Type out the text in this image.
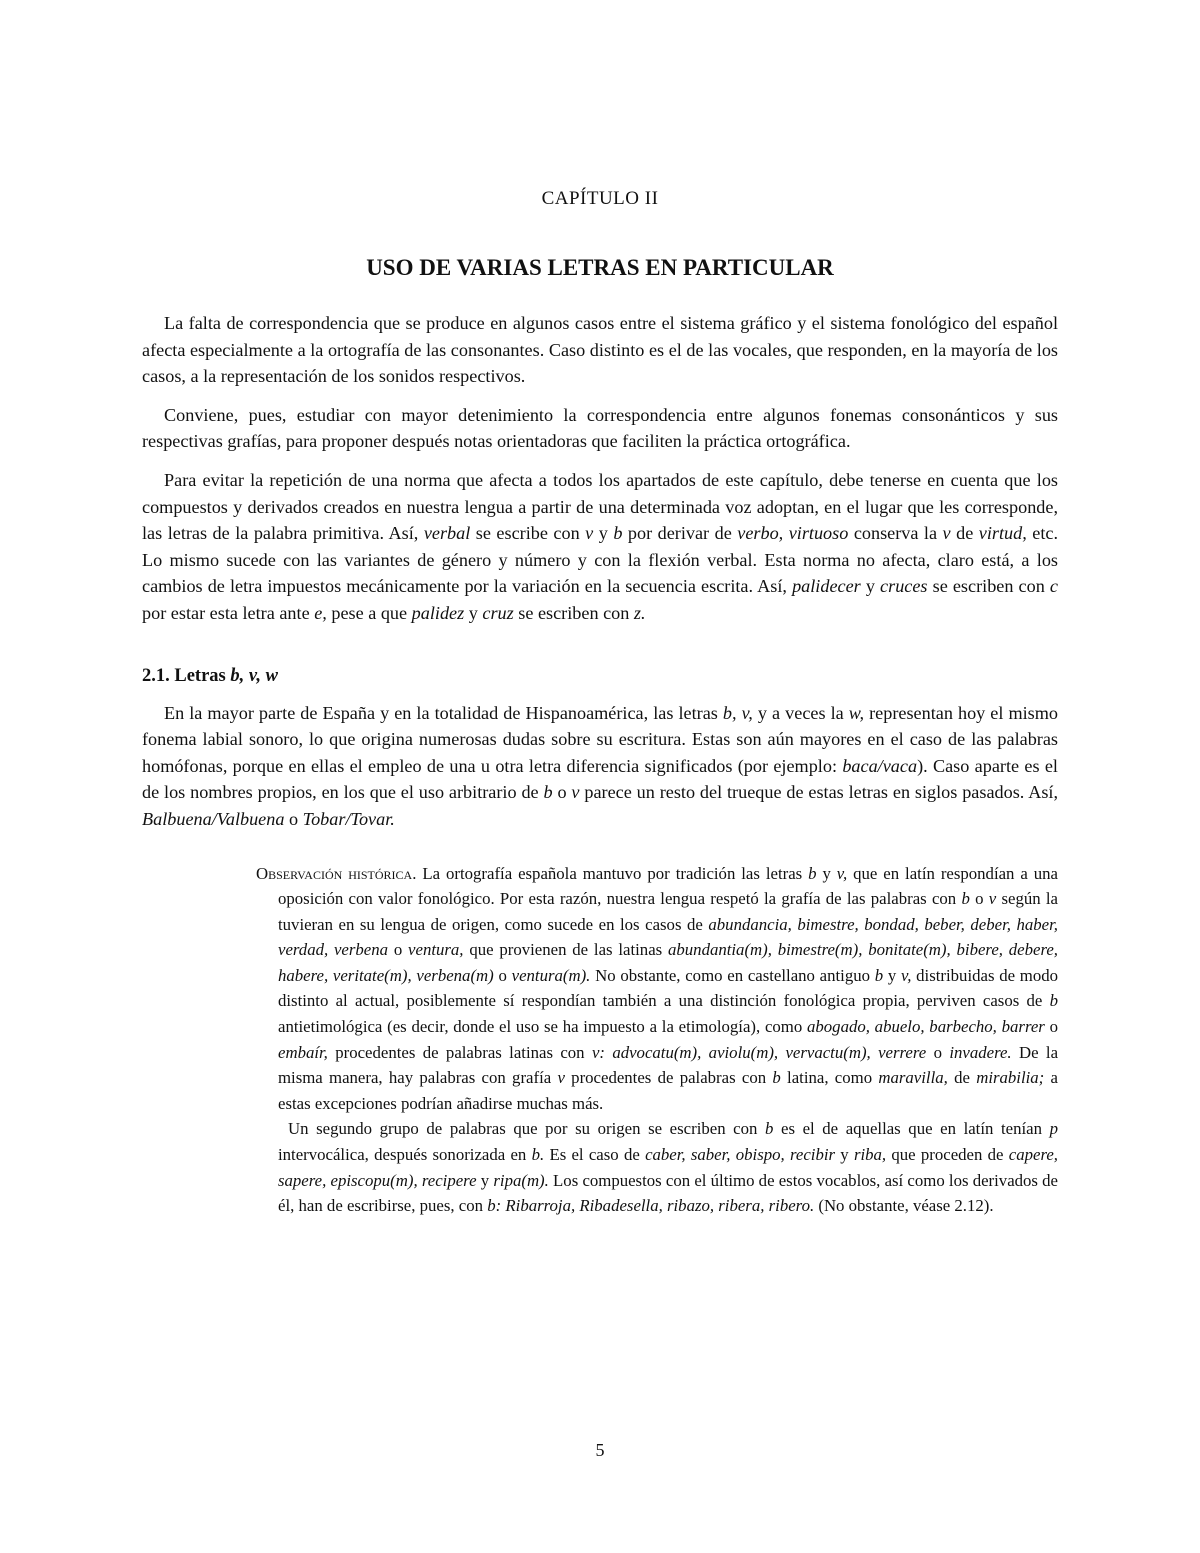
CAPÍTULO II
USO DE VARIAS LETRAS EN PARTICULAR

La falta de correspondencia que se produce en algunos casos entre el sistema gráfico y el sistema fonológico del español afecta especialmente a la ortografía de las consonantes. Caso distinto es el de las vocales, que responden, en la mayoría de los casos, a la representación de los sonidos respectivos.

Conviene, pues, estudiar con mayor detenimiento la correspondencia entre algunos fonemas consonánticos y sus respectivas grafías, para proponer después notas orientadoras que faciliten la práctica ortográfica.

Para evitar la repetición de una norma que afecta a todos los apartados de este capítulo, debe tenerse en cuenta que los compuestos y derivados creados en nuestra lengua a partir de una determinada voz adoptan, en el lugar que les corresponde, las letras de la palabra primitiva. Así, verbal se escribe con v y b por derivar de verbo, virtuoso conserva la v de virtud, etc. Lo mismo sucede con las variantes de género y número y con la flexión verbal. Esta norma no afecta, claro está, a los cambios de letra impuestos mecánicamente por la variación en la secuencia escrita. Así, palidecer y cruces se escriben con c por estar esta letra ante e, pese a que palidez y cruz se escriben con z.

2.1. Letras b, v, w

En la mayor parte de España y en la totalidad de Hispanoamérica, las letras b, v, y a veces la w, representan hoy el mismo fonema labial sonoro, lo que origina numerosas dudas sobre su escritura. Estas son aún mayores en el caso de las palabras homófonas, porque en ellas el empleo de una u otra letra diferencia significados (por ejemplo: baca/vaca). Caso aparte es el de los nombres propios, en los que el uso arbitrario de b o v parece un resto del trueque de estas letras en siglos pasados. Así, Balbuena/Valbuena o Tobar/Tovar.

Observación histórica. La ortografía española mantuvo por tradición las letras b y v, que en latín respondían a una oposición con valor fonológico. Por esta razón, nuestra lengua respetó la grafía de las palabras con b o v según la tuvieran en su lengua de origen, como sucede en los casos de abundancia, bimestre, bondad, beber, deber, haber, verdad, verbena o ventura, que provienen de las latinas abundantia(m), bimestre(m), bonitate(m), bibere, debere, habere, veritate(m), verbena(m) o ventura(m). No obstante, como en castellano antiguo b y v, distribuidas de modo distinto al actual, posiblemente sí respondían también a una distinción fonológica propia, perviven casos de b antietimológica (es decir, donde el uso se ha impuesto a la etimología), como abogado, abuelo, barbecho, barrer o embaír, procedentes de palabras latinas con v: advocatu(m), aviolu(m), vervactu(m), verrere o invadere. De la misma manera, hay palabras con grafía v procedentes de palabras con b latina, como maravilla, de mirabilia; a estas excepciones podrían añadirse muchas más.

Un segundo grupo de palabras que por su origen se escriben con b es el de aquellas que en latín tenían p intervocálica, después sonorizada en b. Es el caso de caber, saber, obispo, recibir y riba, que proceden de capere, sapere, episcopu(m), recipere y ripa(m). Los compuestos con el último de estos vocablos, así como los derivados de él, han de escribirse, pues, con b: Ribarroja, Ribadesella, ribazo, ribera, ribero. (No obstante, véase 2.12).

5
